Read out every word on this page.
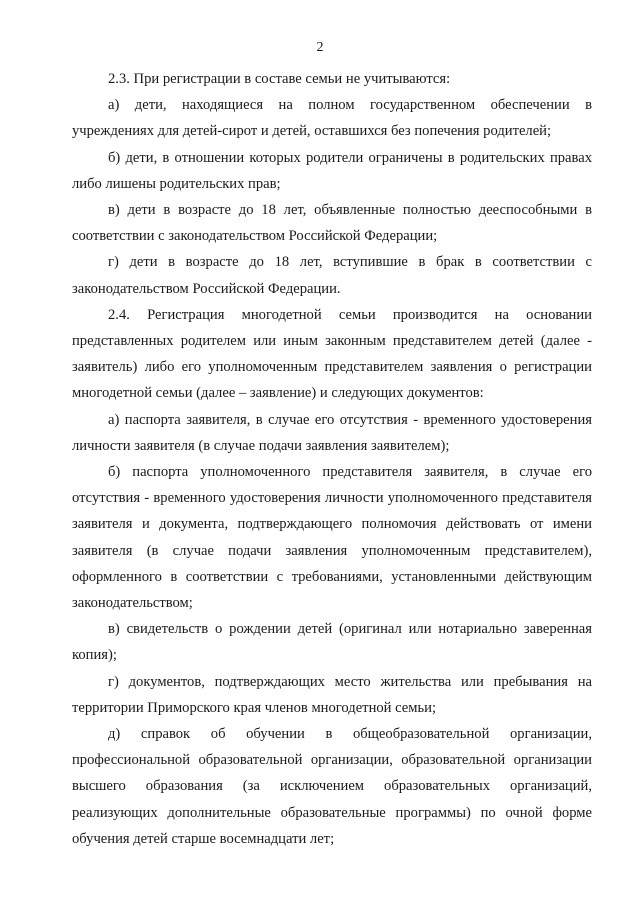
2

2.3. При регистрации в составе семьи не учитываются:

а) дети, находящиеся на полном государственном обеспечении в учреждениях для детей-сирот и детей, оставшихся без попечения родителей;

б) дети, в отношении которых родители ограничены в родительских правах либо лишены родительских прав;

в) дети в возрасте до 18 лет, объявленные полностью дееспособными в соответствии с законодательством Российской Федерации;

г) дети в возрасте до 18 лет, вступившие в брак в соответствии с законодательством Российской Федерации.

2.4. Регистрация многодетной семьи производится на основании представленных родителем или иным законным представителем детей (далее - заявитель) либо его уполномоченным представителем заявления о регистрации многодетной семьи (далее – заявление) и следующих документов:

а) паспорта заявителя, в случае его отсутствия - временного удостоверения личности заявителя (в случае подачи заявления заявителем);

б) паспорта уполномоченного представителя заявителя, в случае его отсутствия - временного удостоверения личности уполномоченного представителя заявителя и документа, подтверждающего полномочия действовать от имени заявителя (в случае подачи заявления уполномоченным представителем), оформленного в соответствии с требованиями, установленными действующим законодательством;

в) свидетельств о рождении детей (оригинал или нотариально заверенная копия);

г) документов, подтверждающих место жительства или пребывания на территории Приморского края членов многодетной семьи;

д) справок об обучении в общеобразовательной организации, профессиональной образовательной организации, образовательной организации высшего образования (за исключением образовательных организаций, реализующих дополнительные образовательные программы) по очной форме обучения детей старше восемнадцати лет;
